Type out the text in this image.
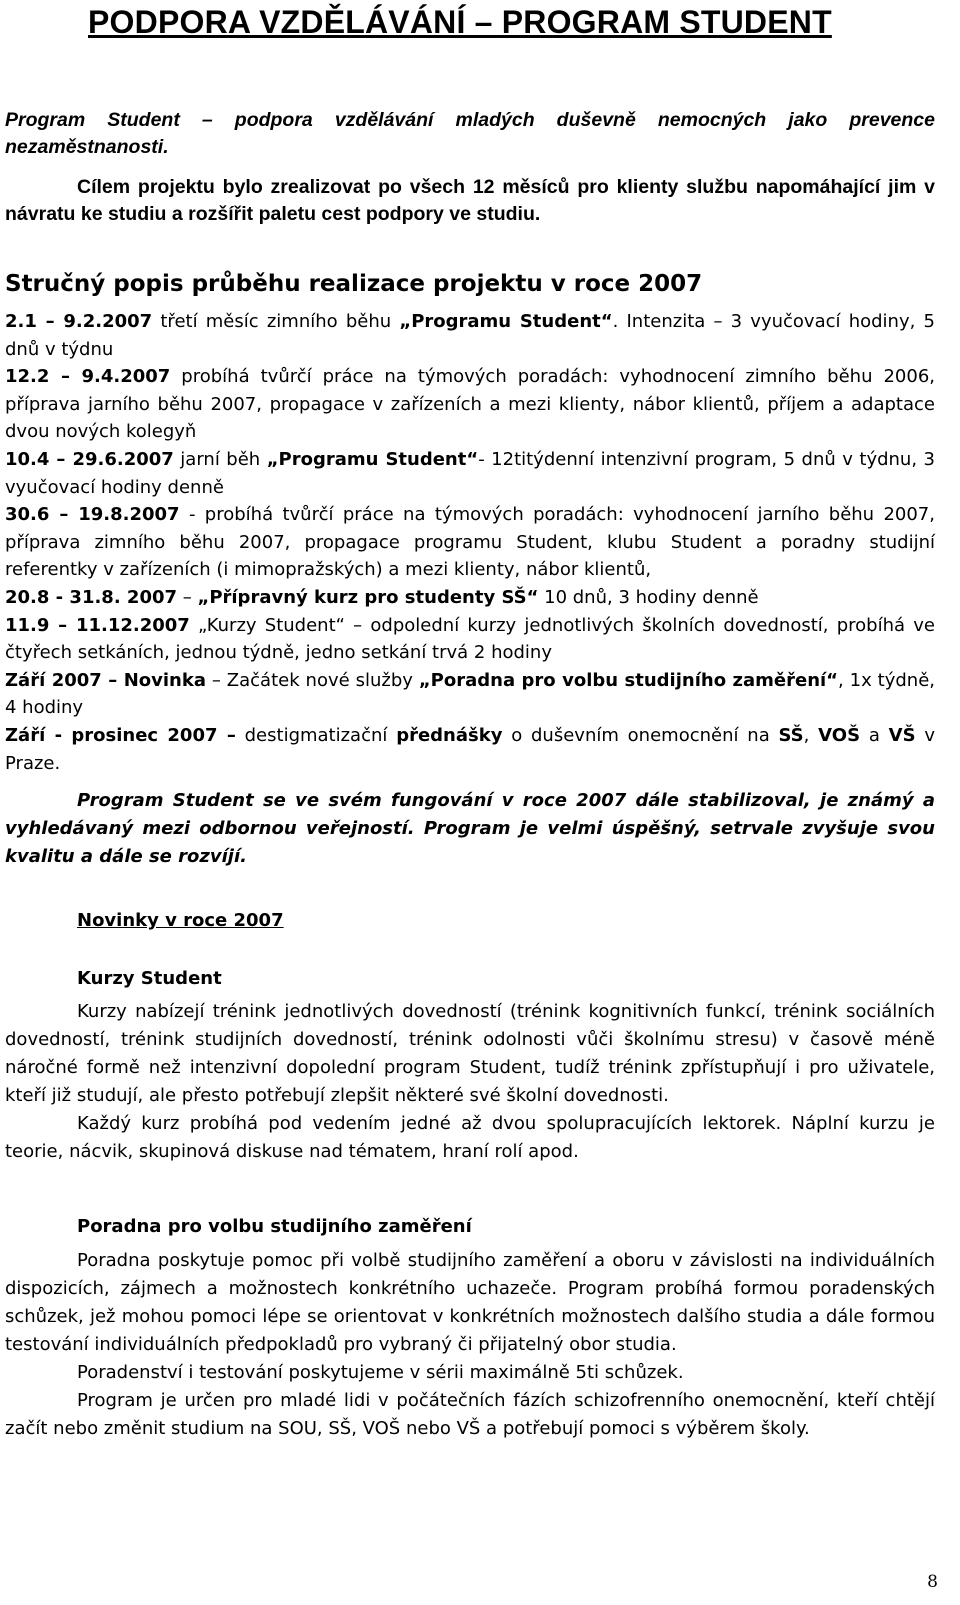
PODPORA VZDĚLÁVÁNÍ – PROGRAM STUDENT
Program Student – podpora vzdělávání mladých duševně nemocných jako prevence nezaměstnanosti.
Cílem projektu bylo zrealizovat po všech 12 měsíců pro klienty službu napomáhající jim v návratu ke studiu a rozšířit paletu cest podpory ve studiu.
Stručný popis průběhu realizace projektu v roce 2007

2.1 – 9.2.2007 třetí měsíc zimního běhu „Programu Student“. Intenzita – 3 vyučovací hodiny, 5 dnů v týdnu

12.2 – 9.4.2007 probíhá tvůrčí práce na týmových poradách: vyhodnocení zimního běhu 2006, příprava jarního běhu 2007, propagace v zařízeních a mezi klienty, nábor klientů, příjem a adaptace dvou nových kolegyň

10.4 – 29.6.2007 jarní běh „Programu Student“- 12titýdenní intenzivní program, 5 dnů v týdnu, 3 vyučovací hodiny denně

30.6 – 19.8.2007 - probíhá tvůrčí práce na týmových poradách: vyhodnocení jarního běhu 2007, příprava zimního běhu 2007, propagace programu Student, klubu Student a poradny studijní referentky v zařízeních (i mimopražských) a mezi klienty, nábor klientů,

20.8 - 31.8. 2007 – „Přípravný kurz pro studenty SŠ“ 10 dnů, 3 hodiny denně

11.9 – 11.12.2007 „Kurzy Student“ – odpolední kurzy jednotlivých školních dovedností, probíhá ve čtyřech setkáních, jednou týdně, jedno setkání trvá 2 hodiny

Září 2007 – Novinka – Začátek nové služby „Poradna pro volbu studijního zaměření“, 1x týdně, 4 hodiny

Září - prosinec 2007 – destigmatizační přednášky o duševním onemocnění na SŠ, VOŠ a VŠ v Praze.

Program Student se ve svém fungování v roce 2007 dále stabilizoval, je známý a vyhledávaný mezi odbornou veřejností. Program je velmi úspěšný, setrvale zvyšuje svou kvalitu a dále se rozvíjí.
Novinky v roce 2007
Kurzy Student

Kurzy nabízejí trénink jednotlivých dovedností (trénink kognitivních funkcí, trénink sociálních dovedností, trénink studijních dovedností, trénink odolnosti vůči školnímu stresu) v časově méně náročné formě než intenzivní dopolední program Student, tudíž trénink zpřístupňují i pro uživatele, kteří již studují, ale přesto potřebují zlepšit některé své školní dovednosti.

Každý kurz probíhá pod vedením jedné až dvou spolupracujících lektorek. Náplní kurzu je teorie, nácvik, skupinová diskuse nad tématem, hraní rolí apod.

Poradna pro volbu studijního zaměření

Poradna poskytuje pomoc při volbě studijního zaměření a oboru v závislosti na individuálních dispozicích, zájmech a možnostech konkrétního uchazeče. Program probíhá formou poradenských schůzek, jež mohou pomoci lépe se orientovat v konkrétních možnostech dalšího studia a dále formou testování individuálních předpokladů pro vybraný či přijatelný obor studia.

Poradenství i testování poskytujeme v sérii maximálně 5ti schůzek.

Program je určen pro mladé lidi v počátečních fázích schizofrenního onemocnění, kteří chtějí začít nebo změnit studium na SOU, SŠ, VOŠ nebo VŠ a potřebují pomoci s výběrem školy.

8
